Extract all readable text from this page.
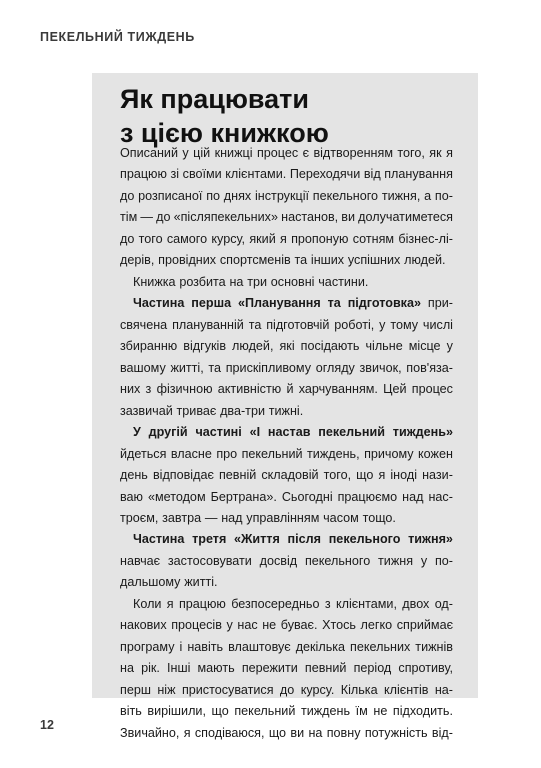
ПЕКЕЛЬНИЙ ТИЖДЕНЬ
Як працювати
з цією книжкою
Описаний у цій книжці процес є відтворенням того, як я
працюю зі своїми клієнтами. Переходячи від планування
до розписаної по днях інструкції пекельного тижня, а по-
тім — до «післяпекельних» настанов, ви долучатиметеся
до того самого курсу, який я пропоную сотням бізнес-лі-
дерів, провідних спортсменів та інших успішних людей.
Книжка розбита на три основні частини.
Частина перша «Планування та підготовка» при-
свячена плануванній та підготовчій роботі, у тому числі
збиранню відгуків людей, які посідають чільне місце у
вашому житті, та прискіпливому огляду звичок, пов'яза-
них з фізичною активністю й харчуванням. Цей процес
зазвичай триває два-три тижні.
У другій частині «І настав пекельний тиждень»
йдеться власне про пекельний тиждень, причому кожен
день відповідає певній складовій того, що я іноді нази-
ваю «методом Бертрана». Сьогодні працюємо над нас-
троєм, завтра — над управлінням часом тощо.
Частина третя «Життя після пекельного тижня»
навчає застосовувати досвід пекельного тижня у по-
дальшому житті.
Коли я працюю безпосередньо з клієнтами, двох од-
накових процесів у нас не буває. Хтось легко сприймає
програму і навіть влаштовує декілька пекельних тижнів
на рік. Інші мають пережити певний період спротиву,
перш ніж пристосуватися до курсу. Кілька клієнтів на-
віть вирішили, що пекельний тиждень їм не підходить.
Звичайно, я сподіваюся, що ви на повну потужність від-
12
